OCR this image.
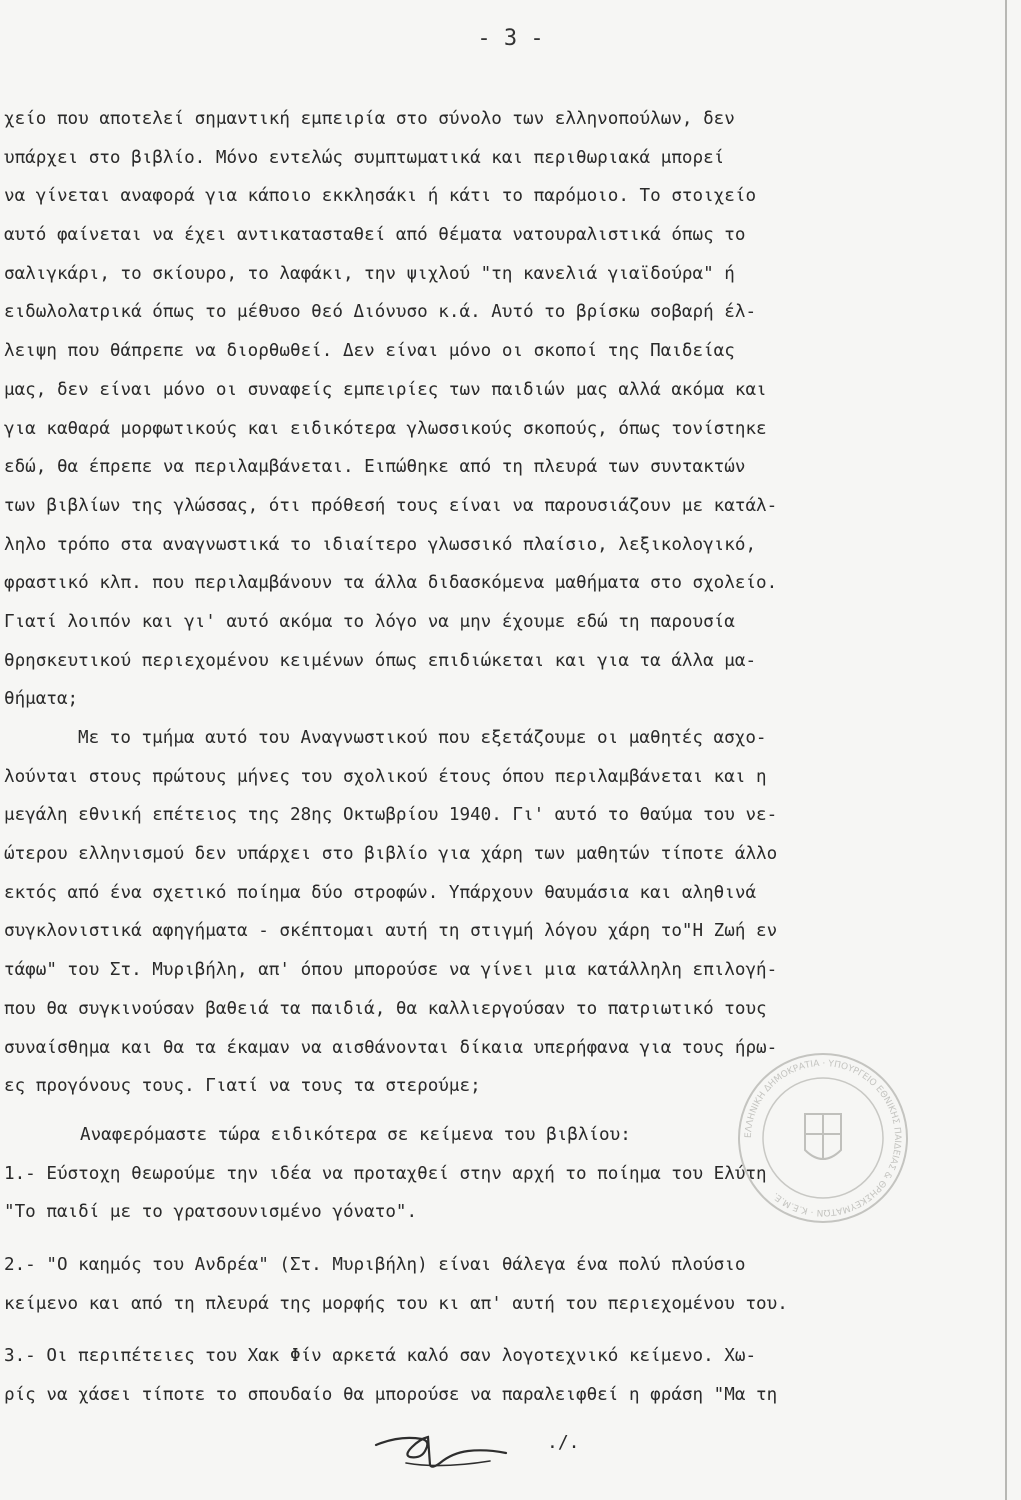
- 3 -
χείο που αποτελεί σημαντική εμπειρία στο σύνολο των ελληνοπούλων, δεν
υπάρχει στο βιβλίο. Μόνο εντελώς συμπτωματικά και περιθωριακά μπορεί
να γίνεται αναφορά για κάποιο εκκλησάκι ή κάτι το παρόμοιο. Το στοιχείο
αυτό φαίνεται να έχει αντικατασταθεί από θέματα νατουραλιστικά όπως το
σαλιγκάρι, το σκίουρο, το λαφάκι, την ψιχλού "τη κανελιά γιαϊδούρα" ή
ειδωλολατρικά όπως το μέθυσο θεό Διόνυσο κ.ά. Αυτό το βρίσκω σοβαρή έλ-
λειψη που θάπρεπε να διορθωθεί. Δεν είναι μόνο οι σκοποί της Παιδείας
μας, δεν είναι μόνο οι συναφείς εμπειρίες των παιδιών μας αλλά ακόμα και
για καθαρά μορφωτικούς και ειδικότερα γλωσσικούς σκοπούς, όπως τονίστηκε
εδώ, θα έπρεπε να περιλαμβάνεται. Ειπώθηκε από τη πλευρά των συντακτών
των βιβλίων της γλώσσας, ότι πρόθεσή τους είναι να παρουσιάζουν με κατάλ-
ληλο τρόπο στα αναγνωστικά το ιδιαίτερο γλωσσικό πλαίσιο, λεξικολογικό,
φραστικό κλπ. που περιλαμβάνουν τα άλλα διδασκόμενα μαθήματα στο σχολείο.
Γιατί λοιπόν και γι' αυτό ακόμα το λόγο να μην έχουμε εδώ τη παρουσία
θρησκευτικού περιεχομένου κειμένων όπως επιδιώκεται και για τα άλλα μα-
θήματα;
Με το τμήμα αυτό του Αναγνωστικού που εξετάζουμε οι μαθητές ασχο-
λούνται στους πρώτους μήνες του σχολικού έτους όπου περιλαμβάνεται και η
μεγάλη εθνική επέτειος της 28ης Οκτωβρίου 1940. Γι' αυτό το θαύμα του νε-
ώτερου ελληνισμού δεν υπάρχει στο βιβλίο για χάρη των μαθητών τίποτε άλλο
εκτός από ένα σχετικό ποίημα δύο στροφών. Υπάρχουν θαυμάσια και αληθινά
συγκλονιστικά αφηγήματα - σκέπτομαι αυτή τη στιγμή λόγου χάρη το"Η Ζωή εν
τάφω" του Στ. Μυριβήλη, απ' όπου μπορούσε να γίνει μια κατάλληλη επιλογή-
που θα συγκινούσαν βαθειά τα παιδιά, θα καλλιεργούσαν το πατριωτικό τους
συναίσθημα και θα τα έκαμαν να αισθάνονται δίκαια υπερήφανα για τους ήρω-
ες προγόνους τους. Γιατί να τους τα στερούμε;
Αναφερόμαστε τώρα ειδικότερα σε κείμενα του βιβλίου:
1.- Εύστοχη θεωρούμε την ιδέα να προταχθεί στην αρχή το ποίημα του Ελύτη
"Το παιδί με το γρατσουνισμένο γόνατο".
2.- "Ο καημός του Ανδρέα" (Στ. Μυριβήλη) είναι θάλεγα ένα πολύ πλούσιο
κείμενο και από τη πλευρά της μορφής του κι απ' αυτή του περιεχομένου του.
3.- Οι περιπέτειες του Χακ Φίν αρκετά καλό σαν λογοτεχνικό κείμενο. Χω-
ρίς να χάσει τίποτε το σπουδαίο θα μπορούσε να παραλειφθεί η φράση "Μα τη
ΕΛΛΗΝΙΚΗ ΔΗΜΟΚΡΑΤΙΑ · ΥΠΟΥΡΓΕΙΟ ΕΘΝΙΚΗΣ ΠΑΙΔΕΙΑΣ & ΘΡΗΣΚΕΥΜΑΤΩΝ · Κ.Ε.Μ.Ε.
./.
